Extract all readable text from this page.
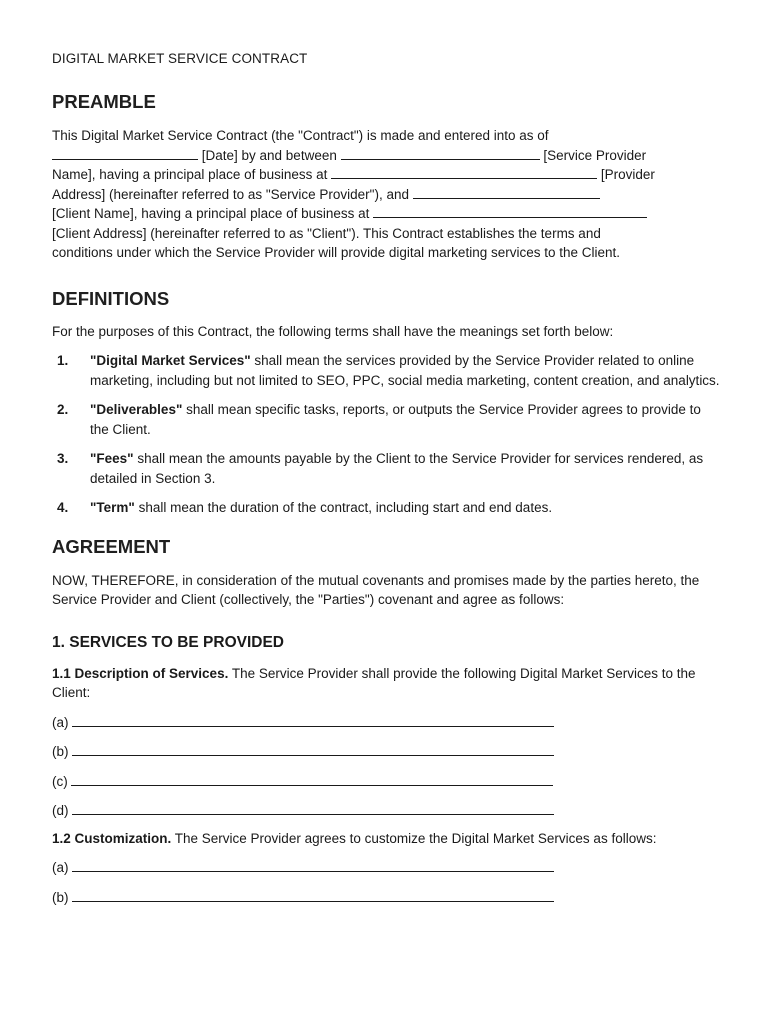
DIGITAL MARKET SERVICE CONTRACT
PREAMBLE

This Digital Market Service Contract (the "Contract") is made and entered into as of

[Date] by and between	[Service Provider

Name], having a principal place of business at	[Provider

Address] (hereinafter referred to as "Service Provider"), and

[Client Name], having a principal place of business at

[Client Address] (hereinafter referred to as "Client"). This Contract establishes the terms and

conditions under which the Service Provider will provide digital marketing services to the Client.

DEFINITIONS

For the purposes of this Contract, the following terms shall have the meanings set forth below:

1. "Digital Market Services" shall mean the services provided by the Service Provider related to online marketing, including but not limited to SEO, PPC, social media marketing, content creation, and analytics.
2. "Deliverables" shall mean specific tasks, reports, or outputs the Service Provider agrees to provide to the Client.
3. "Fees" shall mean the amounts payable by the Client to the Service Provider for services rendered, as detailed in Section 3.
4. "Term" shall mean the duration of the contract, including start and end dates.
AGREEMENT

NOW, THEREFORE, in consideration of the mutual covenants and promises made by the parties hereto, the Service Provider and Client (collectively, the "Parties") covenant and agree as follows:

1. SERVICES TO BE PROVIDED

1.1 Description of Services. The Service Provider shall provide the following Digital Market Services to the Client:

(a)

(b)

(c)

(d)

1.2 Customization. The Service Provider agrees to customize the Digital Market Services as follows:

(a)

(b)
